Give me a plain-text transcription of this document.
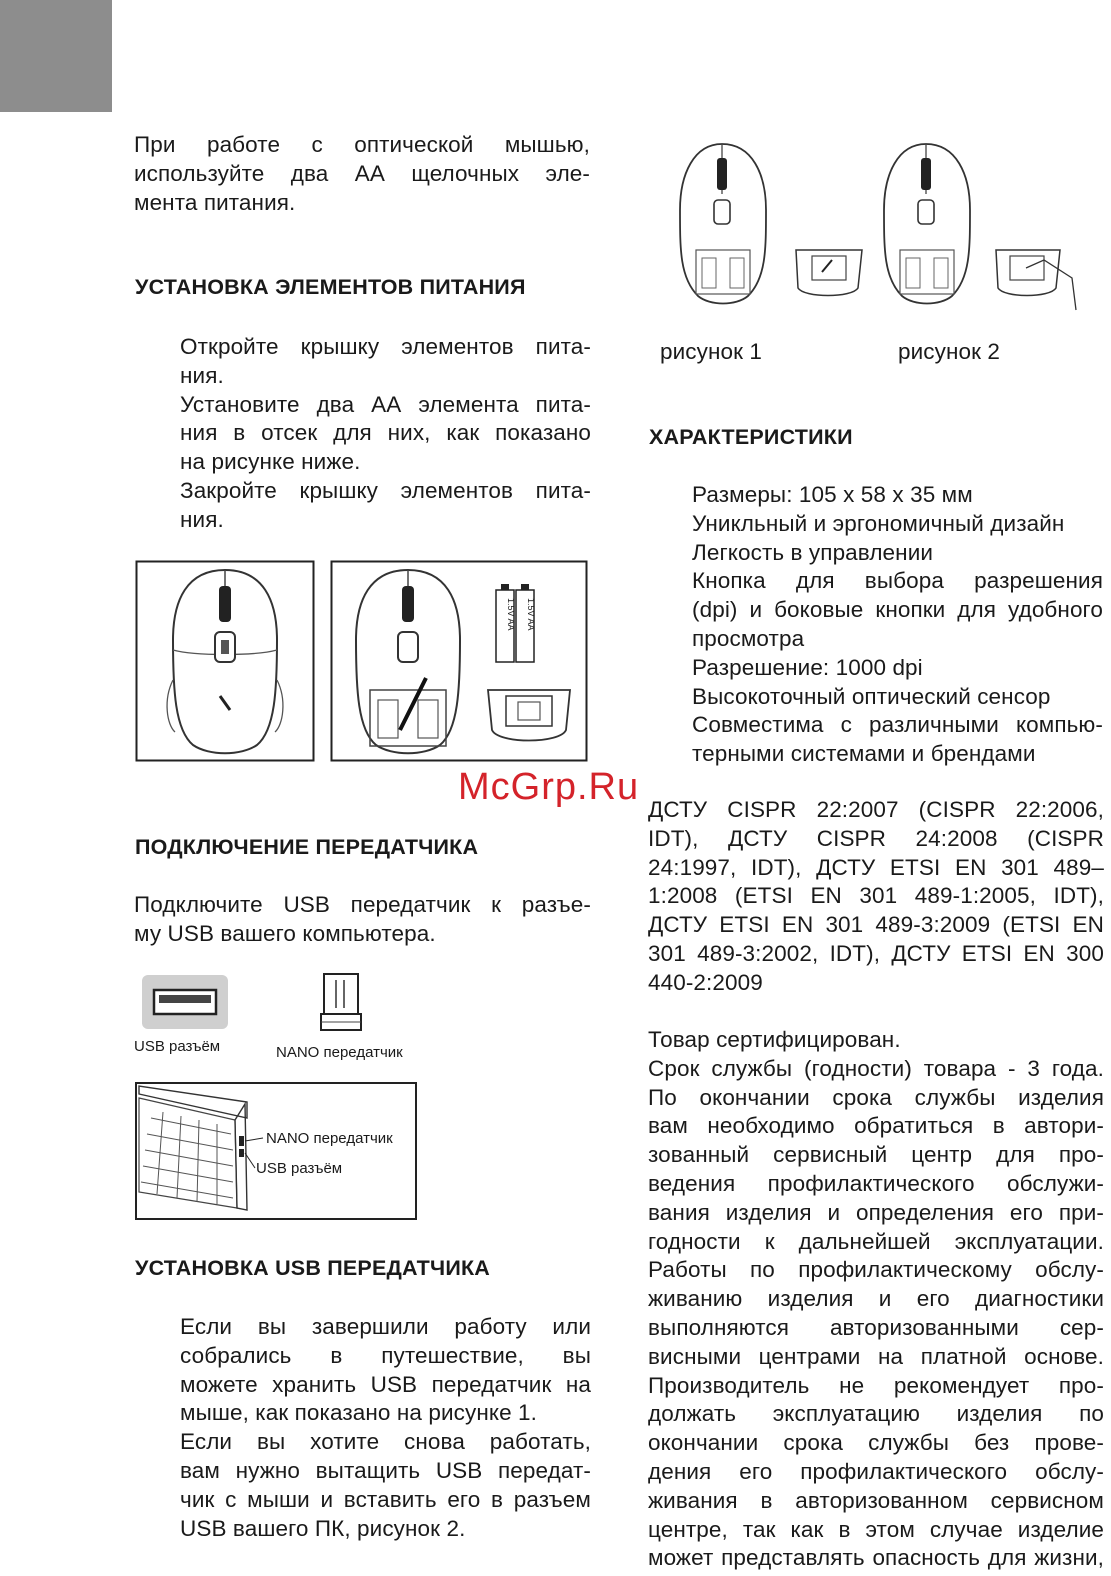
При работе с оптической мышью,
используйте два АА щелочных эле-
мента питания.
УСТАНОВКА ЭЛЕМЕНТОВ ПИТАНИЯ
Откройте крышку элементов пита-
ния.
Установите два АА элемента пита-
ния в отсек для них, как показано
на рисунке ниже.
Закройте крышку элементов пита-
ния.
1.5V AA 1.5V AA
ПОДКЛЮЧЕНИЕ ПЕРЕДАТЧИКА
Подключите USB передатчик к разъе-
му USB вашего компьютера.
USB разъём	NANO передатчик
NANO передатчик
USB разъём
УСТАНОВКА USB ПЕРЕДАТЧИКА
Если вы завершили работу или
собрались в путешествие, вы
можете хранить USB передатчик на
мыше, как показано на рисунке 1.
Если вы хотите снова работать,
вам нужно вытащить USB передат-
чик с мыши и вставить его в разъем
USB вашего ПК, рисунок 2.
рисунок 1	рисунок 2
ХАРАКТЕРИСТИКИ
Размеры: 105 х 58 х 35 мм
Уникльный и эргономичный дизайн
Легкость в управлении
Кнопка для выбора разрешения
(dpi) и боковые кнопки для удобного
просмотра
Разрешение: 1000 dpi
Высокоточный оптический сенсор
Совместима с различными компью-
терными системами и брендами
McGrp.Ru
ДСТУ CISPR 22:2007 (CISPR 22:2006,
IDT), ДСТУ CISPR 24:2008 (CISPR
24:1997, IDT), ДСТУ ETSI EN 301 489–
1:2008 (ETSI EN 301 489-1:2005, IDT),
ДСТУ ETSI EN 301 489-3:2009 (ETSI EN
301 489-3:2002, IDT), ДСТУ ETSI EN 300
440-2:2009
Товар сертифицирован.
Срок службы (годности) товара - 3 года.
По окончании срока службы изделия
вам необходимо обратиться в автори-
зованный сервисный центр для про-
ведения профилактического обслужи-
вания изделия и определения его при-
годности к дальнейшей эксплуатации.
Работы по профилактическому обслу-
живанию изделия и его диагностики
выполняются авторизованными сер-
висными центрами на платной основе.
Производитель не рекомендует про-
должать эксплуатацию изделия по
окончании срока службы без прове-
дения его профилактического обслу-
живания в авторизованном сервисном
центре, так как в этом случае изделие
может представлять опасность для жизни,
